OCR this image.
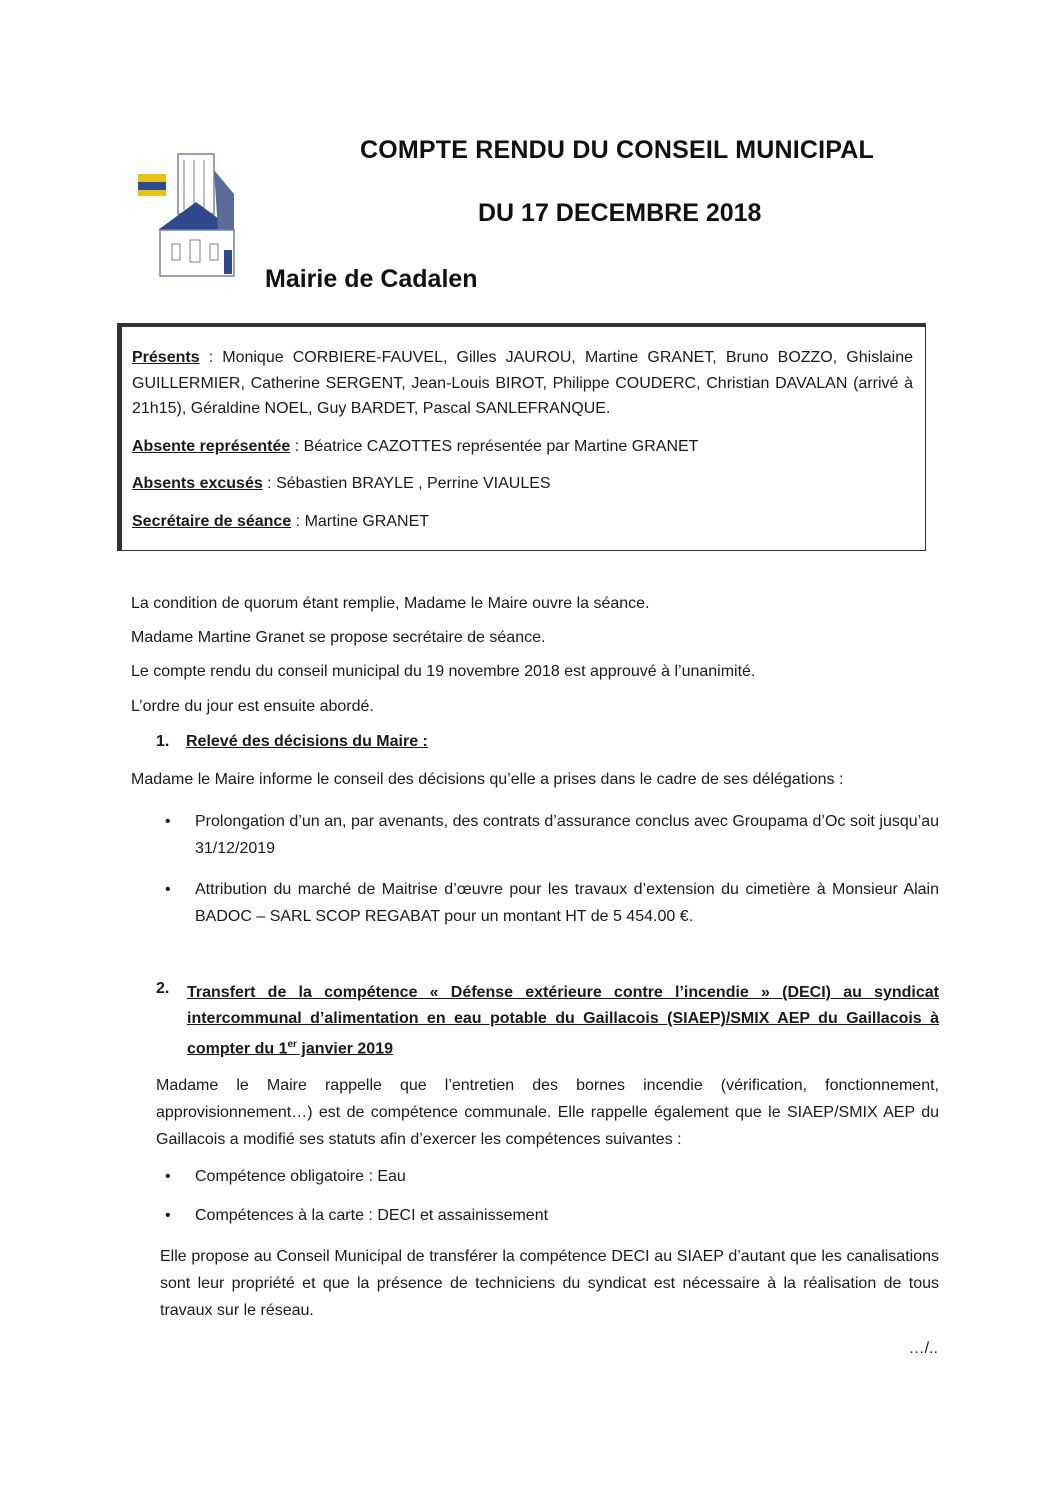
COMPTE RENDU DU CONSEIL MUNICIPAL
DU 17 DECEMBRE 2018
Mairie de Cadalen

Présents : Monique CORBIERE-FAUVEL, Gilles JAUROU, Martine GRANET, Bruno BOZZO, Ghislaine GUILLERMIER, Catherine SERGENT, Jean-Louis BIROT, Philippe COUDERC, Christian DAVALAN (arrivé à 21h15), Géraldine NOEL, Guy BARDET, Pascal SANLEFRANQUE.

Absente représentée : Béatrice CAZOTTES représentée par Martine GRANET

Absents excusés : Sébastien BRAYLE , Perrine VIAULES

Secrétaire de séance : Martine GRANET

La condition de quorum étant remplie, Madame le Maire ouvre la séance.
Madame Martine Granet se propose secrétaire de séance.
Le compte rendu du conseil municipal du 19 novembre 2018 est approuvé à l’unanimité.
L’ordre du jour est ensuite abordé.
1. Relevé des décisions du Maire :
Madame le Maire informe le conseil des décisions qu’elle a prises dans le cadre de ses délégations :
• Prolongation d’un an, par avenants, des contrats d’assurance conclus avec Groupama d’Oc soit jusqu’au 31/12/2019
• Attribution du marché de Maitrise d’œuvre pour les travaux d’extension du cimetière à Monsieur Alain BADOC – SARL SCOP REGABAT pour un montant HT de 5 454.00 €.
2. Transfert de la compétence « Défense extérieure contre l’incendie » (DECI) au syndicat intercommunal d’alimentation en eau potable du Gaillacois (SIAEP)/SMIX AEP du Gaillacois à compter du 1er janvier 2019
Madame le Maire rappelle que l’entretien des bornes incendie (vérification, fonctionnement, approvisionnement…) est de compétence communale. Elle rappelle également que le SIAEP/SMIX AEP du Gaillacois a modifié ses statuts afin d’exercer les compétences suivantes :
• Compétence obligatoire : Eau
• Compétences à la carte : DECI et assainissement
Elle propose au Conseil Municipal de transférer la compétence DECI au SIAEP d’autant que les canalisations sont leur propriété et que la présence de techniciens du syndicat est nécessaire à la réalisation de tous travaux sur le réseau.
…/..
